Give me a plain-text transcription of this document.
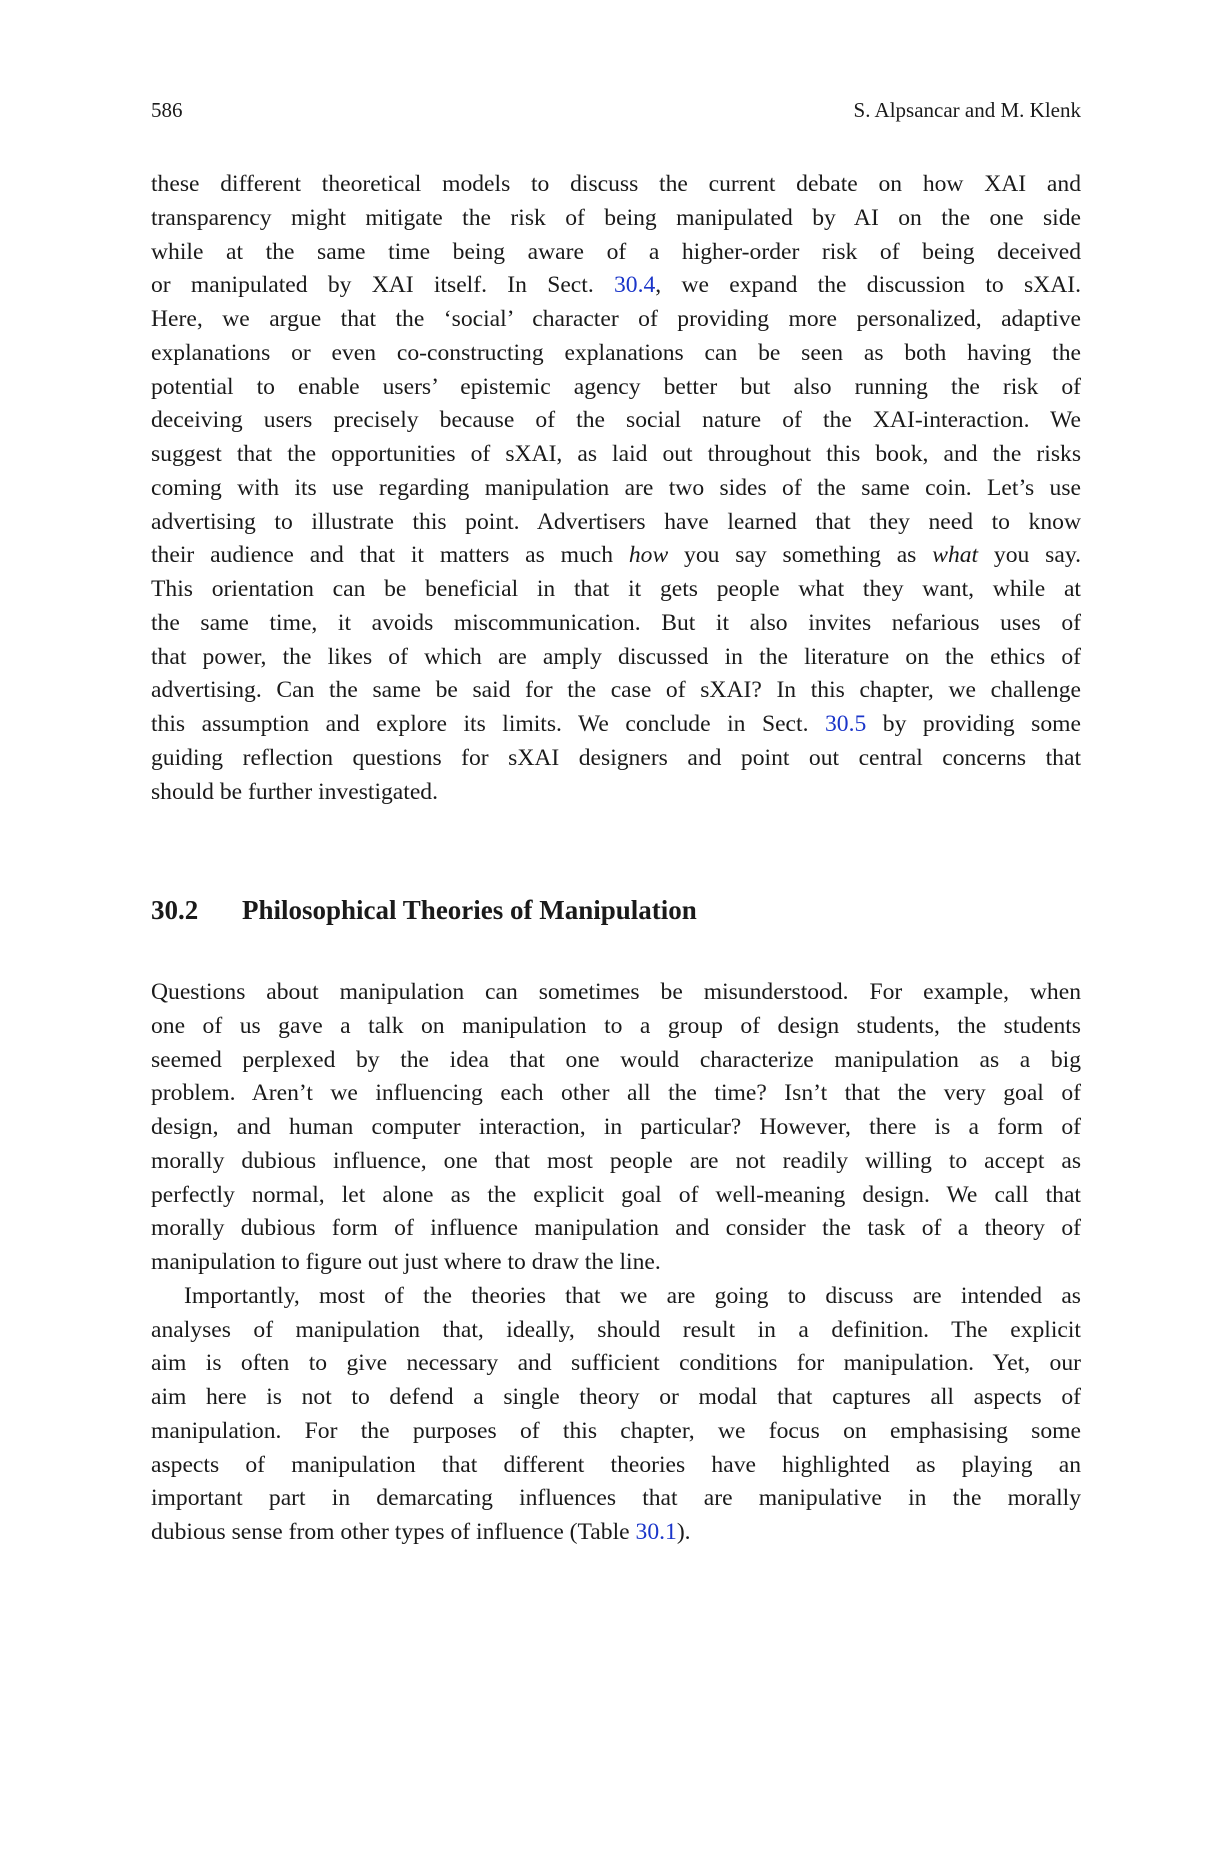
586	S. Alpsancar and M. Klenk
these different theoretical models to discuss the current debate on how XAI and
transparency might mitigate the risk of being manipulated by AI on the one side
while at the same time being aware of a higher-order risk of being deceived
or manipulated by XAI itself. In Sect. 30.4, we expand the discussion to sXAI.
Here, we argue that the ‘social’ character of providing more personalized, adaptive
explanations or even co-constructing explanations can be seen as both having the
potential to enable users’ epistemic agency better but also running the risk of
deceiving users precisely because of the social nature of the XAI-interaction. We
suggest that the opportunities of sXAI, as laid out throughout this book, and the risks
coming with its use regarding manipulation are two sides of the same coin. Let’s use
advertising to illustrate this point. Advertisers have learned that they need to know
their audience and that it matters as much how you say something as what you say.
This orientation can be beneficial in that it gets people what they want, while at
the same time, it avoids miscommunication. But it also invites nefarious uses of
that power, the likes of which are amply discussed in the literature on the ethics of
advertising. Can the same be said for the case of sXAI? In this chapter, we challenge
this assumption and explore its limits. We conclude in Sect. 30.5 by providing some
guiding reflection questions for sXAI designers and point out central concerns that
should be further investigated.
30.2 Philosophical Theories of Manipulation
Questions about manipulation can sometimes be misunderstood. For example, when
one of us gave a talk on manipulation to a group of design students, the students
seemed perplexed by the idea that one would characterize manipulation as a big
problem. Aren’t we influencing each other all the time? Isn’t that the very goal of
design, and human computer interaction, in particular? However, there is a form of
morally dubious influence, one that most people are not readily willing to accept as
perfectly normal, let alone as the explicit goal of well-meaning design. We call that
morally dubious form of influence manipulation and consider the task of a theory of
manipulation to figure out just where to draw the line.
Importantly, most of the theories that we are going to discuss are intended as
analyses of manipulation that, ideally, should result in a definition. The explicit
aim is often to give necessary and sufficient conditions for manipulation. Yet, our
aim here is not to defend a single theory or modal that captures all aspects of
manipulation. For the purposes of this chapter, we focus on emphasising some
aspects of manipulation that different theories have highlighted as playing an
important part in demarcating influences that are manipulative in the morally
dubious sense from other types of influence (Table 30.1).
